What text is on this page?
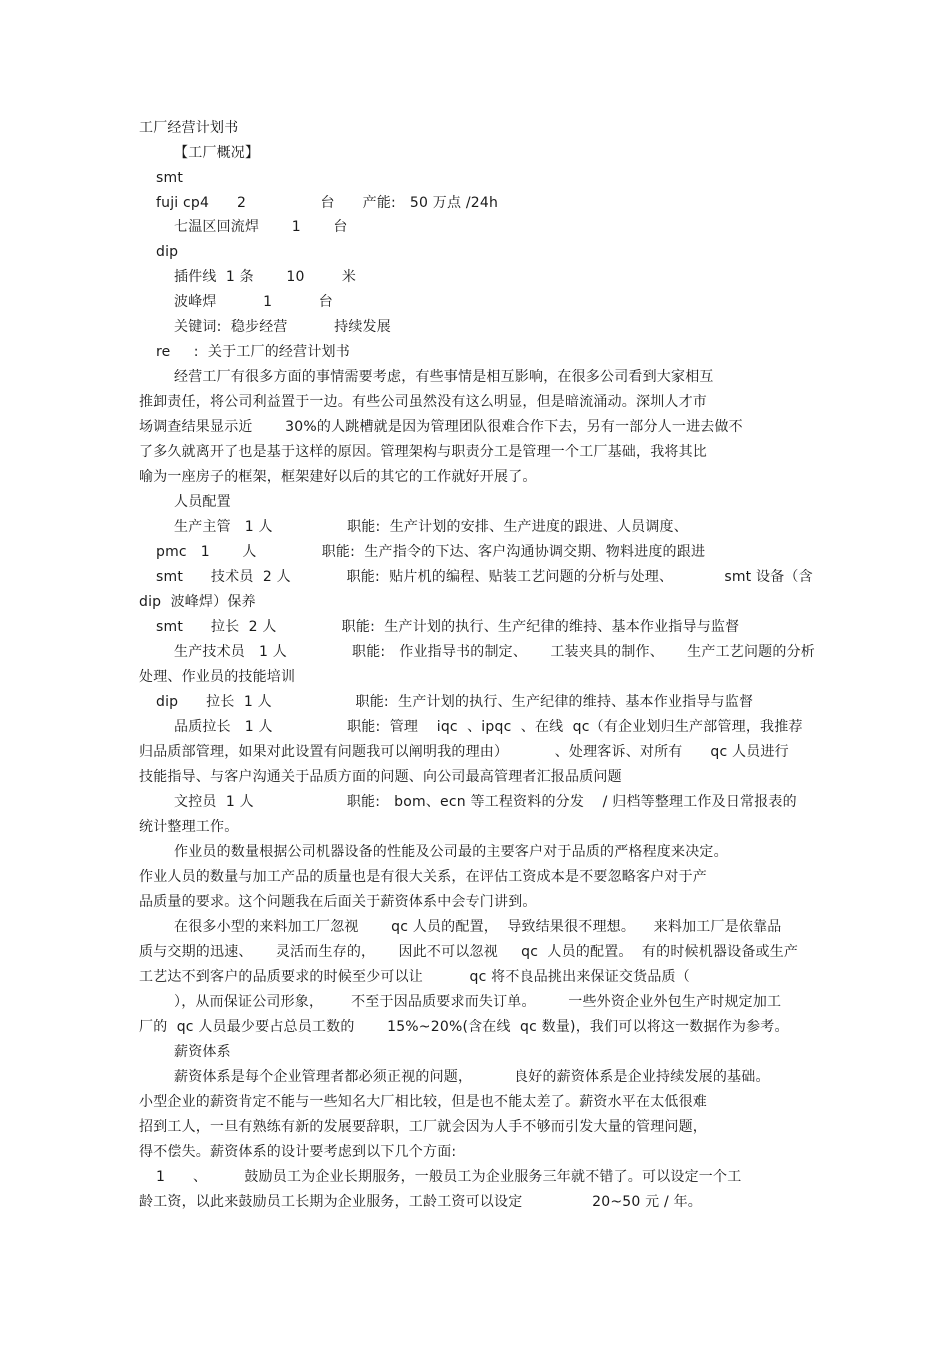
工厂经营计划书
【工厂概况】
smt
fuji cp4      2                台      产能:   50 万点 /24h
七温区回流焊       1       台
dip
插件线  1 条       10        米
波峰焊          1          台
关键词:  稳步经营          持续发展
re     :  关于工厂的经营计划书
经营工厂有很多方面的事情需要考虑，有些事情是相互影响，在很多公司看到大家相互
推卸责任，将公司利益置于一边。有些公司虽然没有这么明显，但是暗流涌动。深圳人才市
场调查结果显示近       30%的人跳槽就是因为管理团队很难合作下去，另有一部分人一进去做不
了多久就离开了也是基于这样的原因。管理架构与职责分工是管理一个工厂基础，我将其比
喻为一座房子的框架，框架建好以后的其它的工作就好开展了。
人员配置
生产主管   1 人                职能:  生产计划的安排、生产进度的跟进、人员调度、
pmc   1       人              职能:  生产指令的下达、客户沟通协调交期、物料进度的跟进
smt      技术员  2 人            职能:  贴片机的编程、贴装工艺问题的分析与处理、           smt 设备（含
dip  波峰焊）保养
smt      拉长  2 人              职能:  生产计划的执行、生产纪律的维持、基本作业指导与监督
生产技术员   1 人              职能:   作业指导书的制定、     工装夹具的制作、     生产工艺问题的分析
处理、作业员的技能培训
dip      拉长  1 人                  职能:  生产计划的执行、生产纪律的维持、基本作业指导与监督
品质拉长   1 人                职能:  管理    iqc  、ipqc  、在线  qc（有企业划归生产部管理，我推荐
归品质部管理，如果对此设置有问题我可以阐明我的理由）          、处理客诉、对所有      qc 人员进行
技能指导、与客户沟通关于品质方面的问题、向公司最高管理者汇报品质问题
文控员  1 人                    职能:   bom、ecn 等工程资料的分发    / 归档等整理工作及日常报表的
统计整理工作。
作业员的数量根据公司机器设备的性能及公司最的主要客户对于品质的严格程度来决定。
作业人员的数量与加工产品的质量也是有很大关系，在评估工资成本是不要忽略客户对于产
品质量的要求。这个问题我在后面关于薪资体系中会专门讲到。
在很多小型的来料加工厂忽视       qc 人员的配置，  导致结果很不理想。    来料加工厂是依靠品
质与交期的迅速、     灵活而生存的，     因此不可以忽视     qc  人员的配置。  有的时候机器设备或生产
工艺达不到客户的品质要求的时候至少可以让          qc 将不良品挑出来保证交货品质（
），从而保证公司形象，      不至于因品质要求而失订单。       一些外资企业外包生产时规定加工
厂的  qc 人员最少要占总员工数的       15%~20%(含在线  qc 数量)，我们可以将这一数据作为参考。
薪资体系
薪资体系是每个企业管理者都必须正视的问题，         良好的薪资体系是企业持续发展的基础。
小型企业的薪资肯定不能与一些知名大厂相比较，但是也不能太差了。薪资水平在太低很难
招到工人，一旦有熟练有新的发展要辞职，工厂就会因为人手不够而引发大量的管理问题，
得不偿失。薪资体系的设计要考虑到以下几个方面:
1      、        鼓励员工为企业长期服务，一般员工为企业服务三年就不错了。可以设定一个工
龄工资，以此来鼓励员工长期为企业服务，工龄工资可以设定               20~50 元 / 年。
